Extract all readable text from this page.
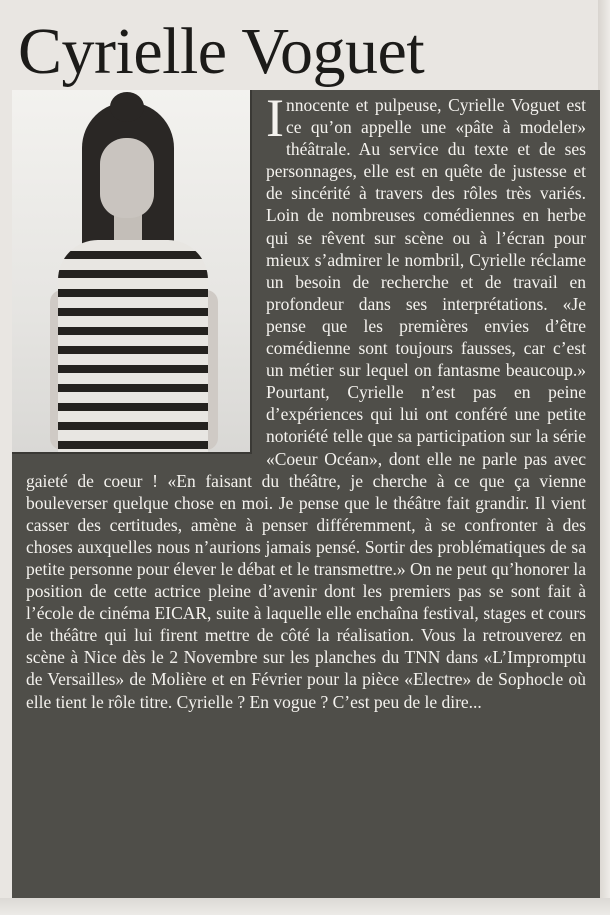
Cyrielle Voguet

Innocente et pulpeuse, Cyrielle Voguet est ce qu’on appelle une «pâte à modeler» théâtrale. Au service du texte et de ses personnages, elle est en quête de justesse et de sincérité à travers des rôles très variés. Loin de nombreuses comédiennes en herbe qui se rêvent sur scène ou à l’écran pour mieux s’admirer le nombril, Cyrielle réclame un besoin de recherche et de travail en profondeur dans ses interprétations. «Je pense que les premières envies d’être comédienne sont toujours fausses, car c’est un métier sur lequel on fantasme beaucoup.» Pourtant, Cyrielle n’est pas en peine d’expériences qui lui ont conféré une petite notoriété telle que sa participation sur la série «Coeur Océan», dont elle ne parle pas avec gaieté de coeur ! «En faisant du théâtre, je cherche à ce que ça vienne bouleverser quelque chose en moi. Je pense que le théâtre fait grandir. Il vient casser des certitudes, amène à penser différemment, à se confronter à des choses auxquelles nous n’aurions jamais pensé. Sortir des problématiques de sa petite personne pour élever le débat et le transmettre.» On ne peut qu’honorer la position de cette actrice pleine d’avenir dont les premiers pas se sont fait à l’école de cinéma EICAR, suite à laquelle elle enchaîna festival, stages et cours de théâtre qui lui firent mettre de côté la réalisation. Vous la retrouverez en scène à Nice dès le 2 Novembre sur les planches du TNN dans «L’Impromptu de Versailles» de Molière et en Février pour la pièce «Electre» de Sophocle où elle tient le rôle titre. Cyrielle ? En vogue ? C’est peu de le dire...
